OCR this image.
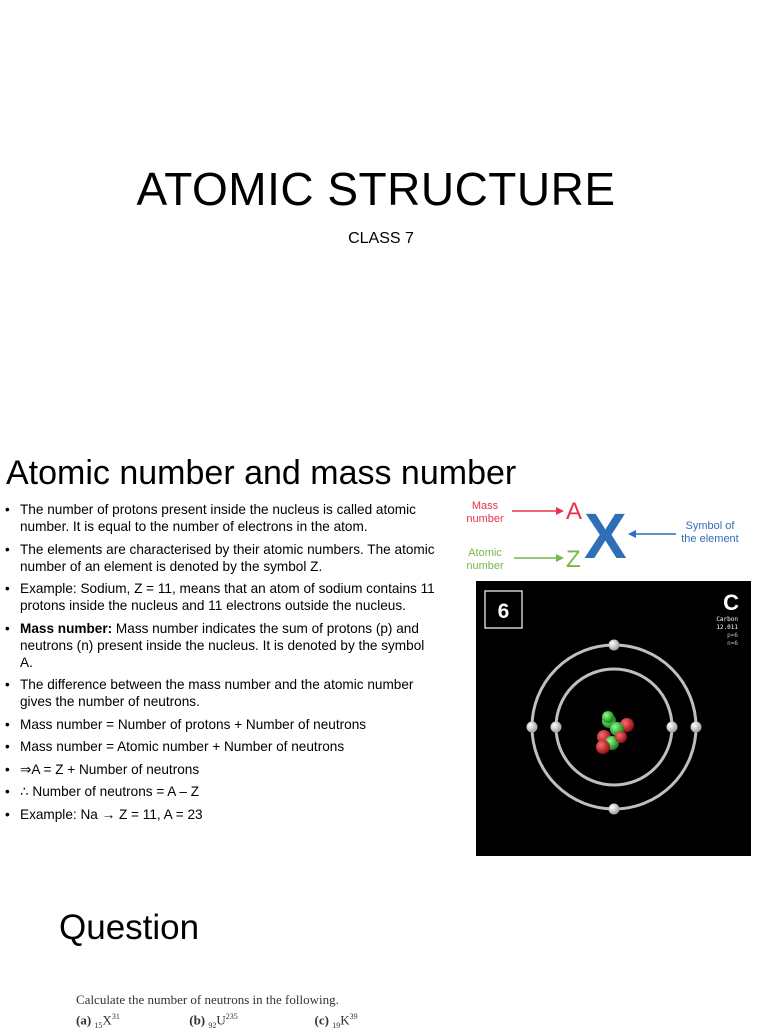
ATOMIC STRUCTURE
CLASS 7
Atomic number and mass number
• The number of protons present inside the nucleus is called atomic number. It is equal to the number of electrons in the atom.
• The elements are characterised by their atomic numbers. The atomic number of an element is denoted by the symbol Z.
• Example: Sodium, Z = 11, means that an atom of sodium contains 11 protons inside the nucleus and 11 electrons outside the nucleus.
• Mass number: Mass number indicates the sum of protons (p) and neutrons (n) present inside the nucleus. It is denoted by the symbol A.
• The difference between the mass number and the atomic number gives the number of neutrons.
• Mass number = Number of protons + Number of neutrons
• Mass number = Atomic number + Number of neutrons
• ⇒A = Z + Number of neutrons
• ∴ Number of neutrons = A – Z
• Example: Na → Z = 11, A = 23
Mass
number	A
Atomic
number	Z X	Symbol of
the element
6	C
Carbon
12.011
p=6
n=6
Question
Calculate the number of neutrons in the following.
(a) $_{15}X^{31}$	(b) $_{92}U^{235}$	(c) $_{19}K^{39}$
